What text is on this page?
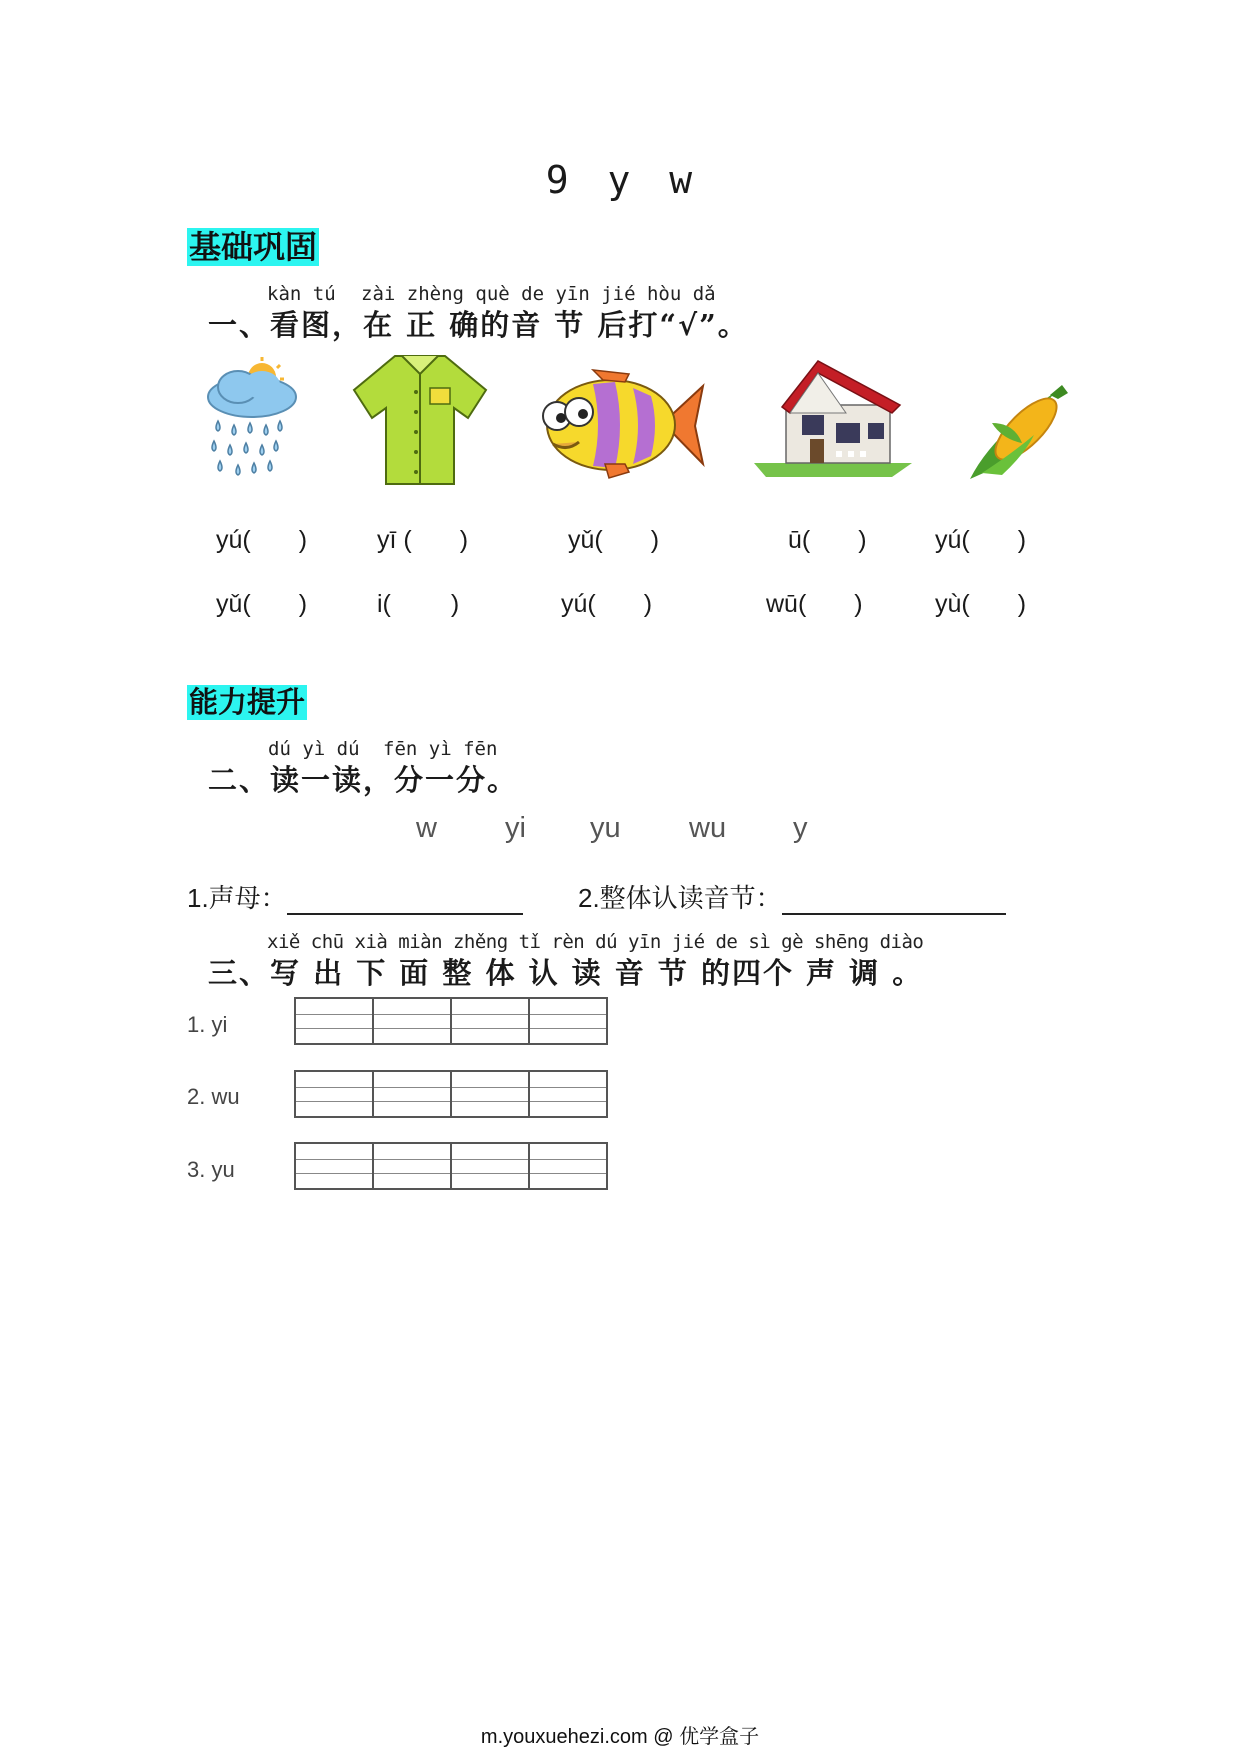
9 y w
基础巩固
kàn tú zài zhèng què de yīn jié hòu dǎ
一、看图，在 正 确的音 节 后打“√”。
yú( )	yī ( )	yǔ( )	ū( )	yú( )
yǔ( )	i( )	yú( )	wū( )	yù( )
能力提升
dú yì dú fēn yì fēn
二、读一读，分一分。
w yi yu wu y
1.声母：	2.整体认读音节：
xiě chū xià miàn zhěng tǐ rèn dú yīn jié de sì gè shēng diào
三、写 出 下 面 整 体 认 读 音 节 的四个 声 调 。
1. yi
2. wu
3. yu
m.youxuehezi.com @ 优学盒子
